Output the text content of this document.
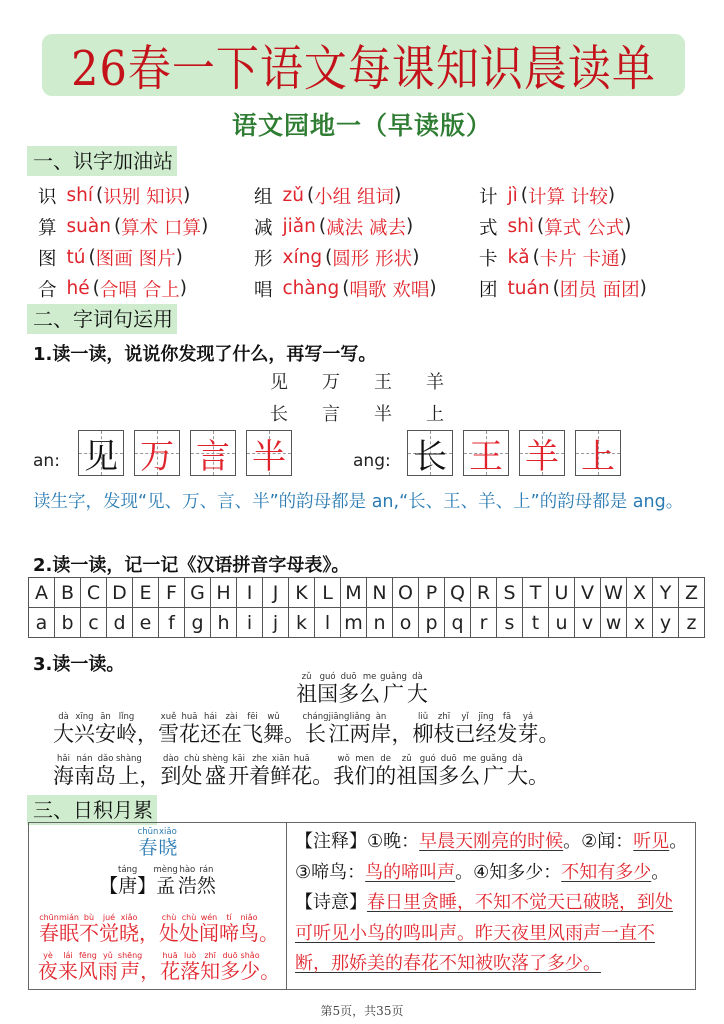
26春一下语文每课知识晨读单
语文园地一（早读版）
一、识字加油站
识 shí ( 识别 知识 )	组 zǔ ( 小组 组词 )	计 jì ( 计算 计较 )
算 suàn ( 算术 口算 ) 减 jiǎn ( 减法 减去 )	式 shì ( 算式 公式 )
图 tú ( 图画 图片 )	形 xíng ( 圆形 形状 )	卡 kǎ ( 卡片 卡通 )
合 hé ( 合唱 合上 )	唱 chàng ( 唱歌 欢唱 ) 团 tuán ( 团员 面团 )
二、字词句运用
1.读一读，说说你发现了什么，再写一写。
见 万 王 羊
长 言 半 上
an: 见 万 言 半	ang: 长 王 羊 上
读生字，发现“见、万、言、半”的韵母都是 an,“长、王、羊、上”的韵母都是 ang。
2.读一读，记一记《汉语拼音字母表》。
A	B	C	D	E	F	G	H	I	J	K	L	M	N	O	P	Q	R	S	T	U	V	W	X	Y	Z
a	b	c	d	e	f	g	h	i	j	k	l	m	n	o	p	q	r	s	t	u	v	w	x	y	z
3.读一读。
祖zǔ国guó多duō么me广guǎng大dà
大dà兴xīng安ān岭lǐng，雪xuě花huā还hái在zài飞fēi舞wǔ。长cháng江jiāng两liǎng岸àn，柳liǔ枝zhī已yǐ经jīng发fā芽yá。
海hǎi南nán岛dǎo上shàng，到dào处chù盛shèng开kāi着zhe鲜xiān花huā。我wǒ们men的de祖zǔ国guó多duō么me广guǎng大dà。
三、日积月累
春chūn晓xiǎo
【唐táng】孟mèng浩hào然rán
春chūn眠mián不bù觉jué晓xiǎo，处chù处chù闻wén啼tí鸟niǎo。
夜yè来lái风fēng雨yǔ声shēng，花huā落luò知zhī多duō少shǎo。
【注释】①晚：早晨天刚亮的时候。②闻：听见。③啼鸟：鸟的啼叫声。④知多少：不知有多少。
【诗意】春日里贪睡，不知不觉天已破晓，到处可听见小鸟的鸣叫声。昨天夜里风雨声一直不断，那娇美的春花不知被吹落了多少。
第5页，共35页
